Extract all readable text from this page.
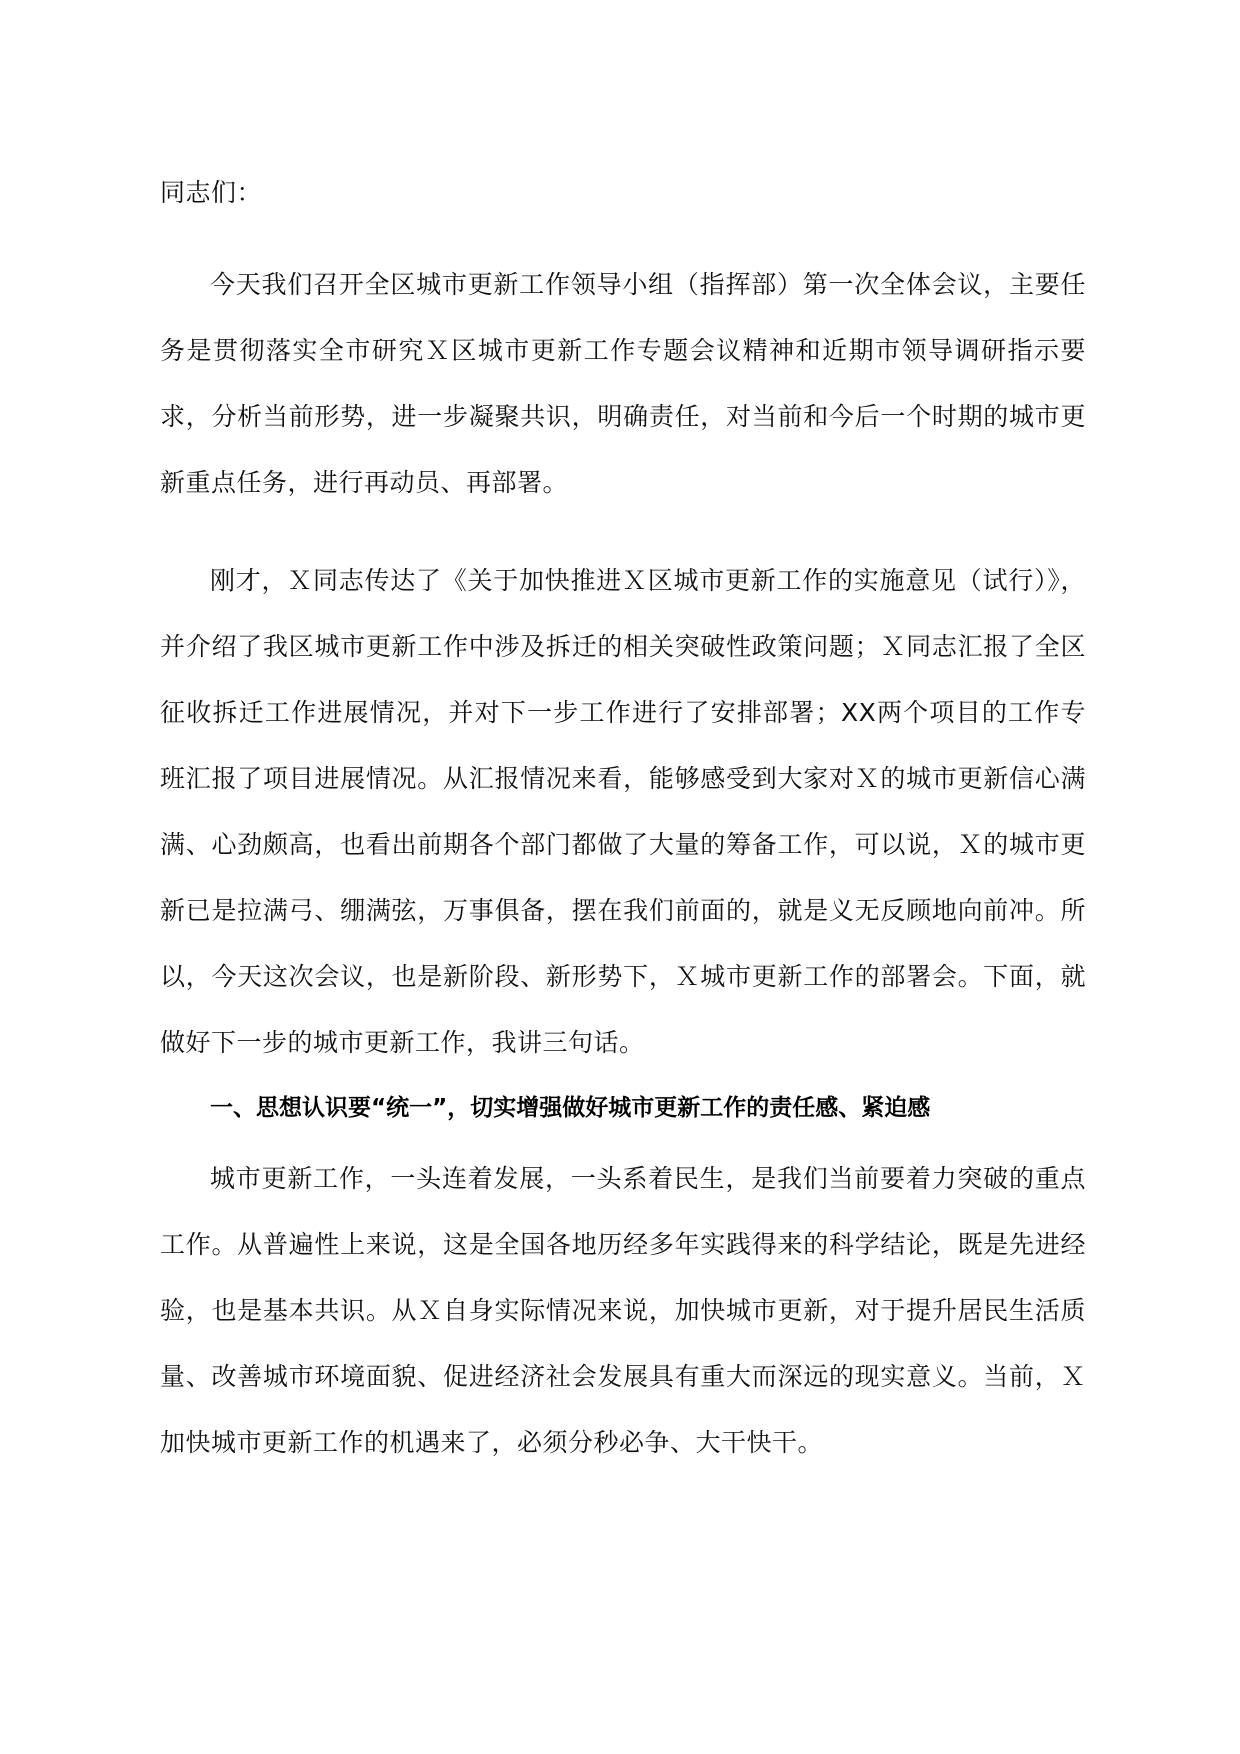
同志们：

今天我们召开全区城市更新工作领导小组（指挥部）第一次全体会议，主要任务是贯彻落实全市研究Ｘ区城市更新工作专题会议精神和近期市领导调研指示要求，分析当前形势，进一步凝聚共识，明确责任，对当前和今后一个时期的城市更新重点任务，进行再动员、再部署。

刚才，Ｘ同志传达了《关于加快推进Ｘ区城市更新工作的实施意见（试行）》，并介绍了我区城市更新工作中涉及拆迁的相关突破性政策问题；Ｘ同志汇报了全区征收拆迁工作进展情况，并对下一步工作进行了安排部署；XX两个项目的工作专班汇报了项目进展情况。从汇报情况来看，能够感受到大家对Ｘ的城市更新信心满满、心劲颇高，也看出前期各个部门都做了大量的筹备工作，可以说，Ｘ的城市更新已是拉满弓、绷满弦，万事俱备，摆在我们前面的，就是义无反顾地向前冲。所以，今天这次会议，也是新阶段、新形势下，Ｘ城市更新工作的部署会。下面，就做好下一步的城市更新工作，我讲三句话。

一、思想认识要“统一”，切实增强做好城市更新工作的责任感、紧迫感

城市更新工作，一头连着发展，一头系着民生，是我们当前要着力突破的重点工作。从普遍性上来说，这是全国各地历经多年实践得来的科学结论，既是先进经验，也是基本共识。从Ｘ自身实际情况来说，加快城市更新，对于提升居民生活质量、改善城市环境面貌、促进经济社会发展具有重大而深远的现实意义。当前，Ｘ加快城市更新工作的机遇来了，必须分秒必争、大干快干。
